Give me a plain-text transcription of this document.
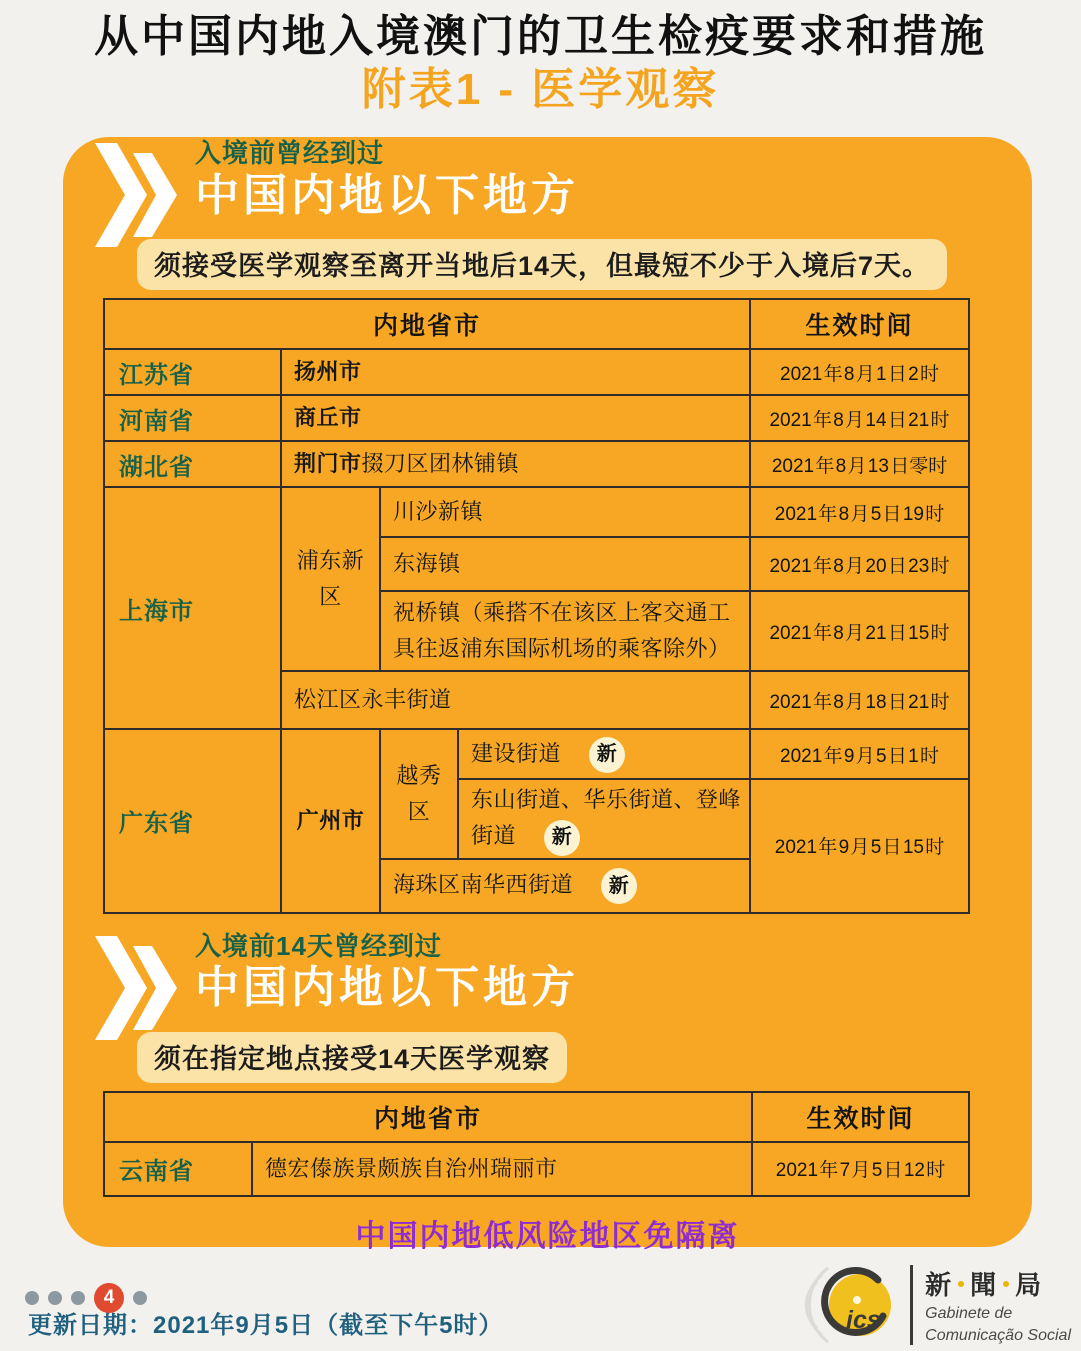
从中国内地入境澳门的卫生检疫要求和措施
附表1 - 医学观察
入境前曾经到过
中国内地以下地方
须接受医学观察至离开当地后14天，但最短不少于入境后7天。
内地省市				生效时间
江苏省	扬州市			2021 年 8 月 1 日 2 时
河南省	商丘市			2021 年 8 月 14 日 21 时
湖北省	荆门市掇刀区团林铺镇			2021 年 8 月 13 日零时
上海市	浦东新区	川沙新镇		2021 年 8 月 5 日 19 时
		东海镇		2021 年 8 月 20 日 23 时
		祝桥镇（乘搭不在该区上客交通工具往返浦东国际机场的乘客除外）		2021 年 8 月 21 日 15 时
	松江区永丰街道			2021 年 8 月 18 日 21 时
广东省	广州市	越秀区	建设街道 新	2021 年 9 月 5 日 1 时
			东山街道、华乐街道、登峰街道 新	2021 年 9 月 5 日 15 时
		海珠区南华西街道 新		
入境前14天曾经到过
中国内地以下地方
须在指定地点接受14天医学观察
内地省市		生效时间
云南省	德宏傣族景颇族自治州瑞丽市	2021 年 7 月 5 日 12 时
中国内地低风险地区免隔离
4
更新日期：2021年9月5日（截至下午5时）	ics
新 聞 局
Gabinete de
Comunicação Social
